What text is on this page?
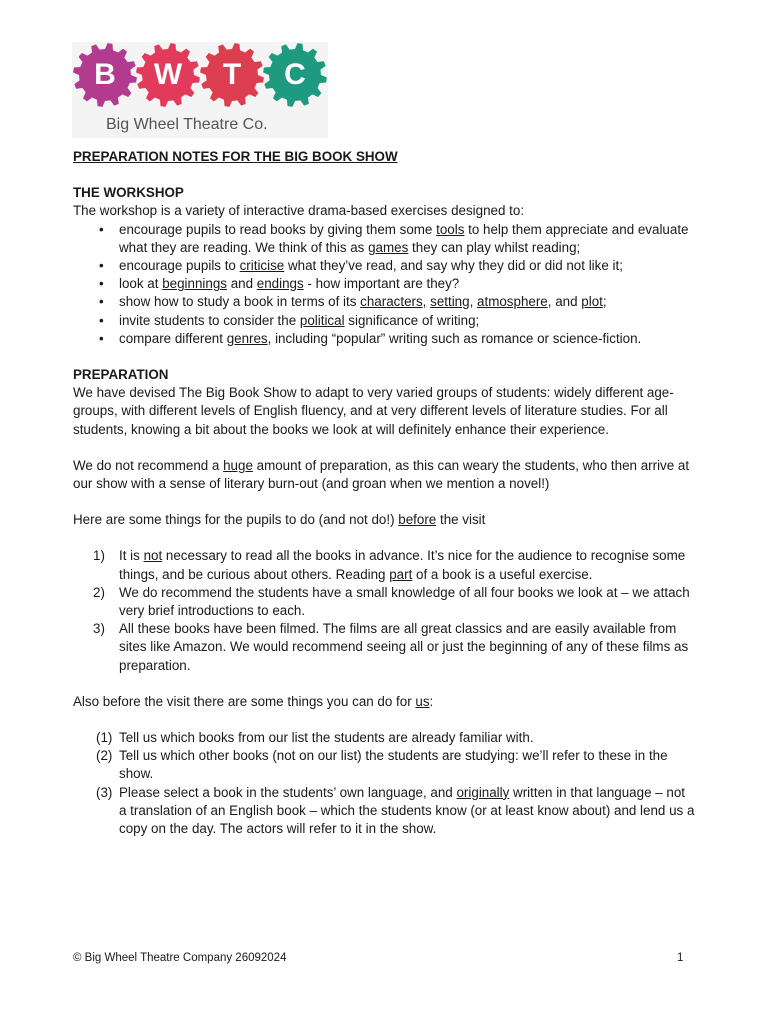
B	W	T	C
Big Wheel Theatre Co.

PREPARATION NOTES FOR THE BIG BOOK SHOW

THE WORKSHOP

The workshop is a variety of interactive drama-based exercises designed to:

• encourage pupils to read books by giving them some tools to help them appreciate and evaluate what they are reading. We think of this as games they can play whilst reading;
• encourage pupils to criticise what they’ve read, and say why they did or did not like it;
• look at beginnings and endings - how important are they?
• show how to study a book in terms of its characters, setting, atmosphere, and plot;
• invite students to consider the political significance of writing;
• compare different genres, including “popular” writing such as romance or science-fiction.

PREPARATION

We have devised The Big Book Show to adapt to very varied groups of students: widely different age-groups, with different levels of English fluency, and at very different levels of literature studies. For all students, knowing a bit about the books we look at will definitely enhance their experience.

We do not recommend a huge amount of preparation, as this can weary the students, who then arrive at our show with a sense of literary burn-out (and groan when we mention a novel!)

Here are some things for the pupils to do (and not do!) before the visit

1) It is not necessary to read all the books in advance. It’s nice for the audience to recognise some things, and be curious about others. Reading part of a book is a useful exercise.
2) We do recommend the students have a small knowledge of all four books we look at – we attach very brief introductions to each.
3) All these books have been filmed. The films are all great classics and are easily available from sites like Amazon. We would recommend seeing all or just the beginning of any of these films as preparation.

Also before the visit there are some things you can do for us:

(1) Tell us which books from our list the students are already familiar with.
(2) Tell us which other books (not on our list) the students are studying: we’ll refer to these in the show.
(3) Please select a book in the students’ own language, and originally written in that language – not a translation of an English book – which the students know (or at least know about) and lend us a copy on the day. The actors will refer to it in the show.
© Big Wheel Theatre Company 26092024	1
